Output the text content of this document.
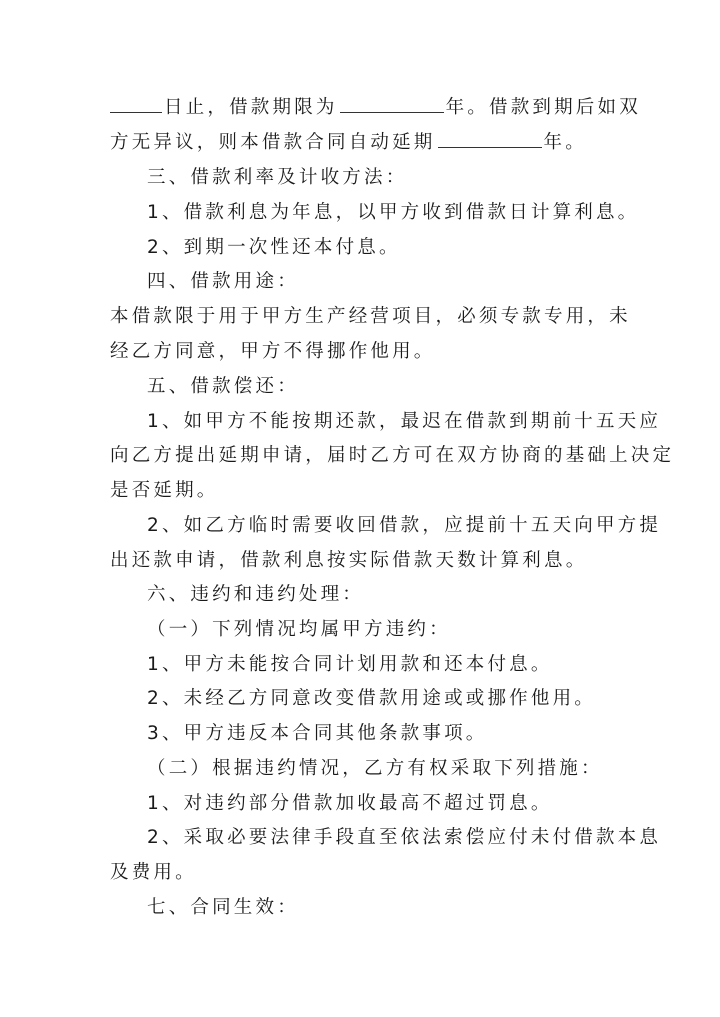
日止，借款期限为	年。借款到期后如双
方无异议，则本借款合同自动延期	年。
三、借款利率及计收方法：
1、借款利息为年息，以甲方收到借款日计算利息。
2、到期一次性还本付息。
四、借款用途：
本借款限于用于甲方生产经营项目，必须专款专用，未
经乙方同意，甲方不得挪作他用。
五、借款偿还：
1、如甲方不能按期还款，最迟在借款到期前十五天应
向乙方提出延期申请，届时乙方可在双方协商的基础上决定
是否延期。
2、如乙方临时需要收回借款，应提前十五天向甲方提
出还款申请，借款利息按实际借款天数计算利息。
六、违约和违约处理：
（一）下列情况均属甲方违约：
1、甲方未能按合同计划用款和还本付息。
2、未经乙方同意改变借款用途或或挪作他用。
3、甲方违反本合同其他条款事项。
（二）根据违约情况，乙方有权采取下列措施：
1、对违约部分借款加收最高不超过罚息。
2、采取必要法律手段直至依法索偿应付未付借款本息
及费用。
七、合同生效：
